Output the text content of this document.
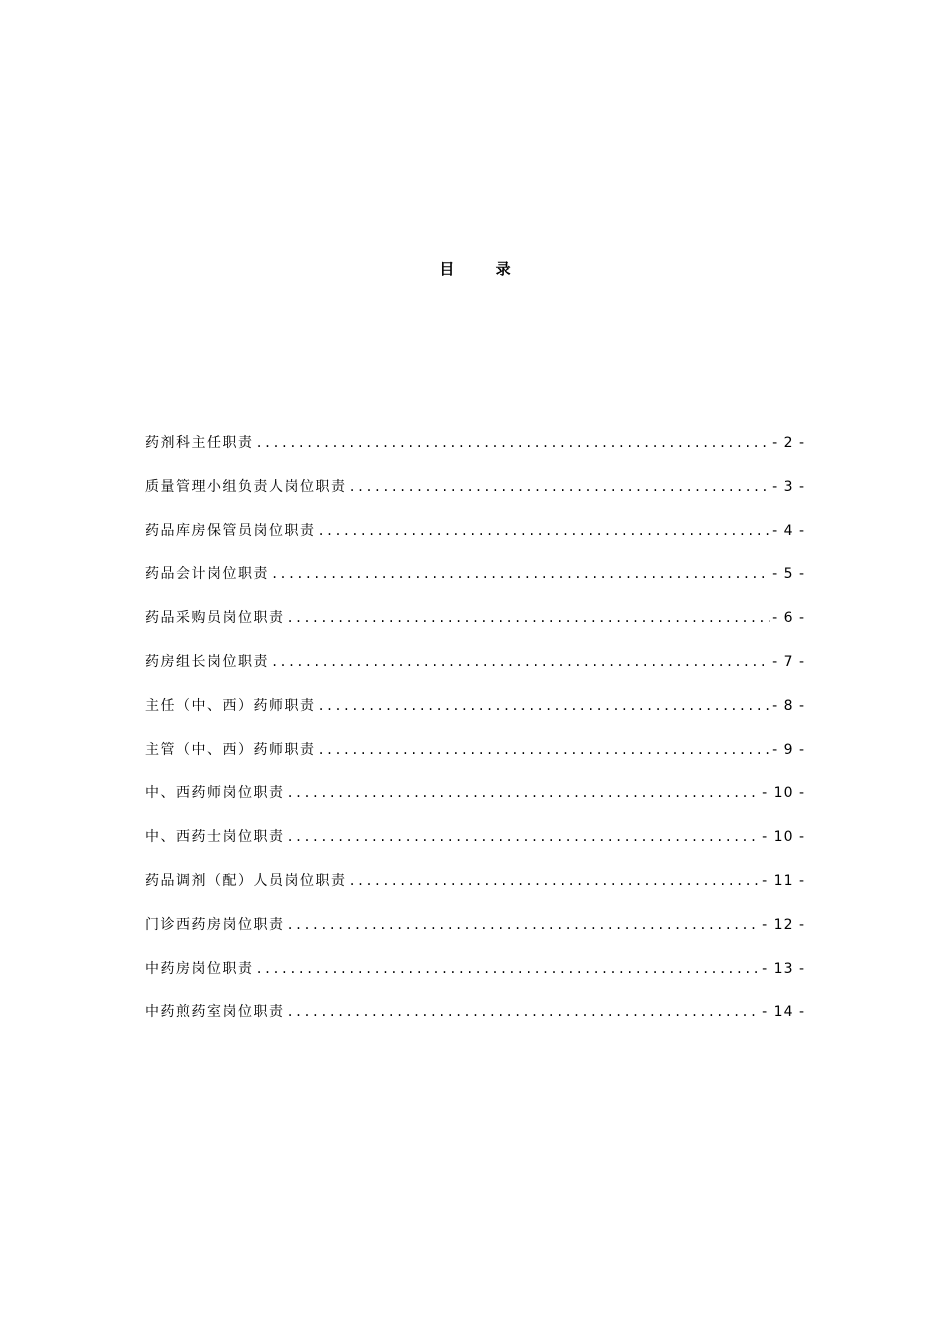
目 录
药剂科主任职责 .....	- 2 -
质量管理小组负责人岗位职责 .....	- 3 -
药品库房保管员岗位职责 .....	- 4 -
药品会计岗位职责 .....	- 5 -
药品采购员岗位职责 .....	- 6 -
药房组长岗位职责 .....	- 7 -
主任（中、西）药师职责 .....	- 8 -
主管（中、西）药师职责 .....	- 9 -
中、西药师岗位职责 .....	- 10 -
中、西药士岗位职责 .....	- 10 -
药品调剂（配）人员岗位职责 .....	- 11 -
门诊西药房岗位职责 .....	- 12 -
中药房岗位职责 .....	- 13 -
中药煎药室岗位职责 .....	- 14 -
